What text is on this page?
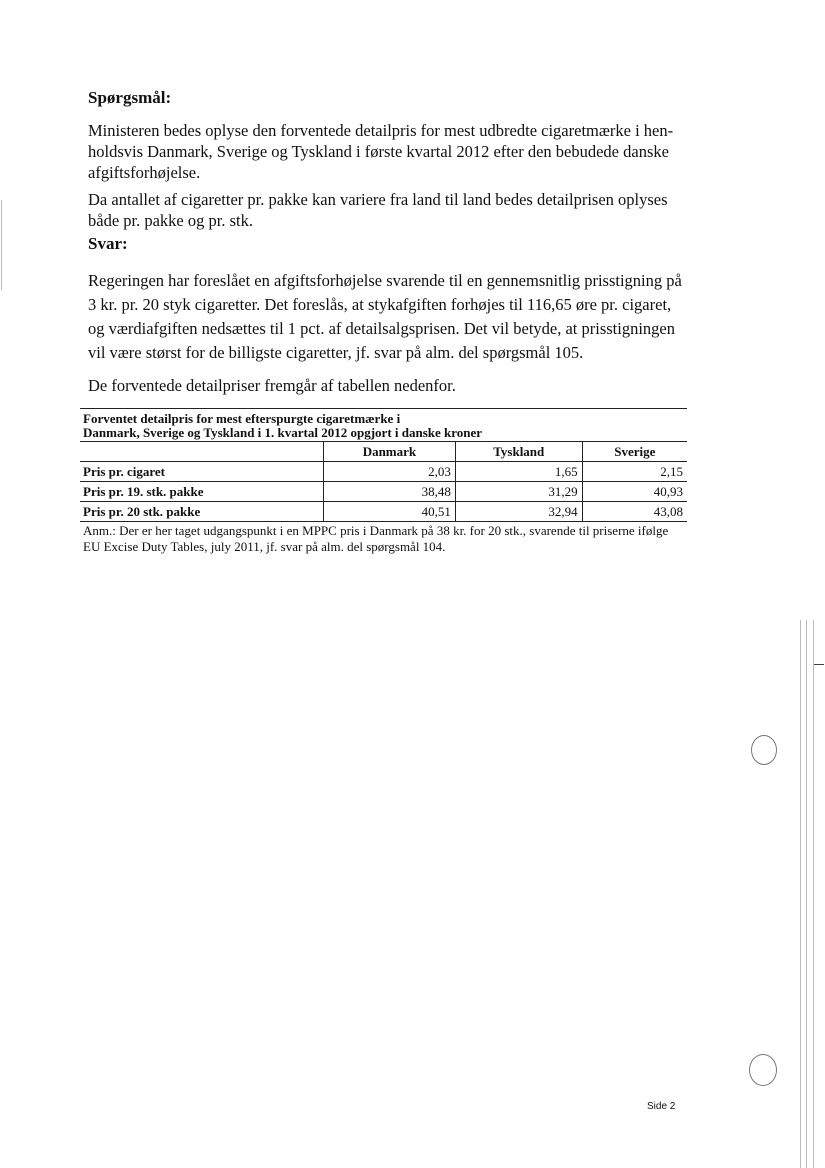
Spørgsmål:

Ministeren bedes oplyse den forventede detailpris for mest udbredte cigaretmærke i hen-holdsvis Danmark, Sverige og Tyskland i første kvartal 2012 efter den bebudede danske afgiftsforhøjelse.

Da antallet af cigaretter pr. pakke kan variere fra land til land bedes detailprisen oplyses både pr. pakke og pr. stk.

Svar:

Regeringen har foreslået en afgiftsforhøjelse svarende til en gennemsnitlig prisstigning på 3 kr. pr. 20 styk cigaretter. Det foreslås, at stykafgiften forhøjes til 116,65 øre pr. cigaret, og værdiafgiften nedsættes til 1 pct. af detailsalgsprisen. Det vil betyde, at prisstigningen vil være størst for de billigste cigaretter, jf. svar på alm. del spørgsmål 105.

De forventede detailpriser fremgår af tabellen nedenfor.

Forventet detailpris for mest efterspurgte cigaretmærke i
Danmark, Sverige og Tyskland i 1. kvartal 2012 opgjort i danske kroner
	Danmark	Tyskland	Sverige
Pris pr. cigaret	2,03	1,65	2,15
Pris pr. 19. stk. pakke	38,48	31,29	40,93
Pris pr. 20 stk. pakke	40,51	32,94	43,08
Anm.: Der er her taget udgangspunkt i en MPPC pris i Danmark på 38 kr. for 20 stk., svarende til priserne ifølge EU Excise Duty Tables, july 2011, jf. svar på alm. del spørgsmål 104.
Side 2
